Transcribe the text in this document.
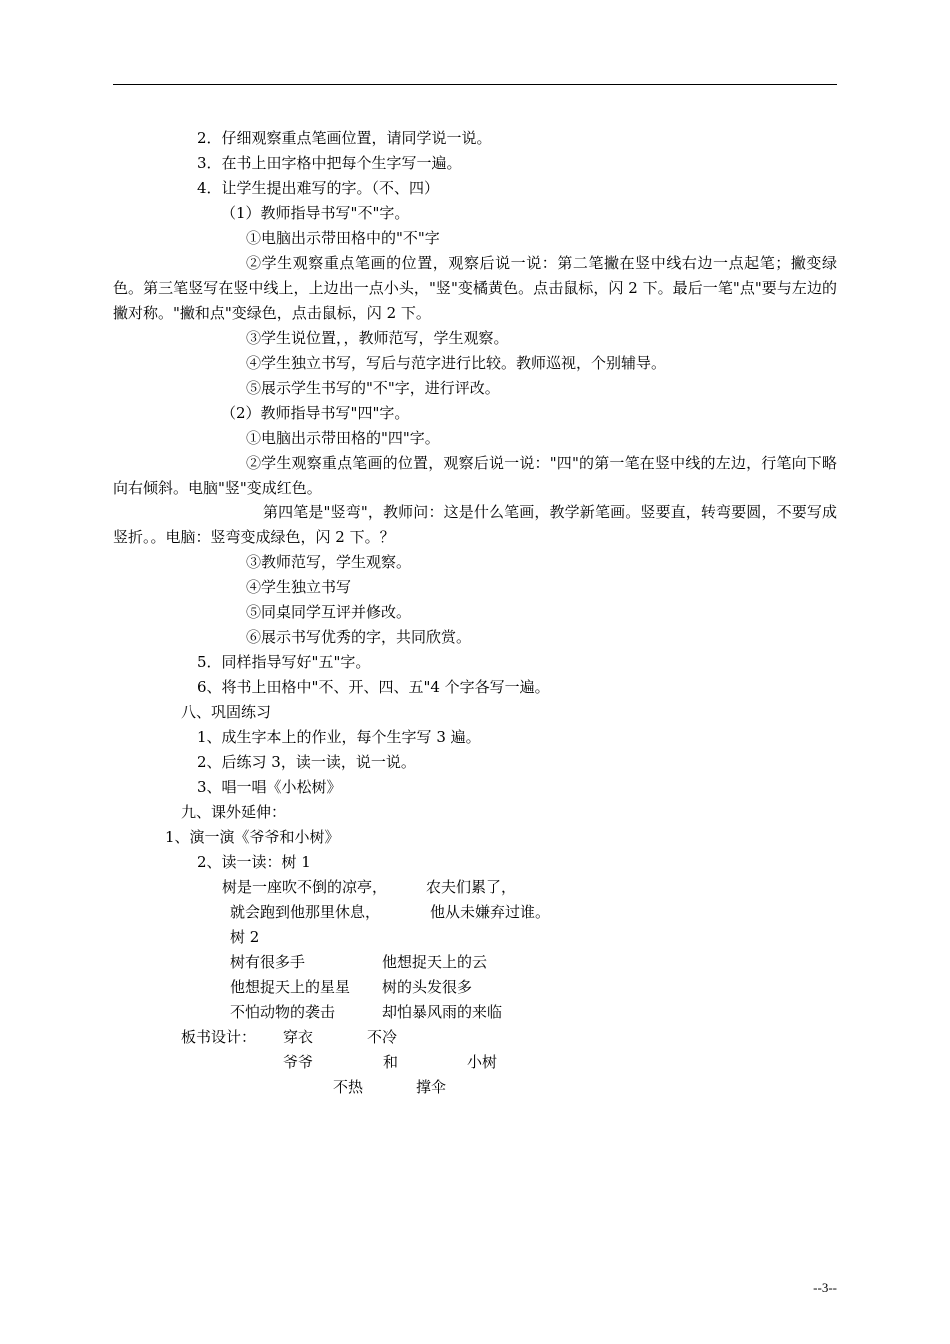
2．仔细观察重点笔画位置，请同学说一说。
3．在书上田字格中把每个生字写一遍。
4．让学生提出难写的字。（不、四）
（1）教师指导书写"不"字。
①电脑出示带田格中的"不"字
②学生观察重点笔画的位置，观察后说一说：第二笔撇在竖中线右边一点起笔；撇变绿色。第三笔竖写在竖中线上，上边出一点小头，"竖"变橘黄色。点击鼠标，闪 2 下。最后一笔"点"要与左边的撇对称。"撇和点"变绿色，点击鼠标，闪 2 下。
③学生说位置，，教师范写，学生观察。
④学生独立书写，写后与范字进行比较。教师巡视，个别辅导。
⑤展示学生书写的"不"字，进行评改。
（2）教师指导书写"四"字。
①电脑出示带田格的"四"字。
②学生观察重点笔画的位置，观察后说一说："四"的第一笔在竖中线的左边，行笔向下略向右倾斜。电脑"竖"变成红色。
第四笔是"竖弯"，教师问：这是什么笔画，教学新笔画。竖要直，转弯要圆，不要写成竖折。。电脑：竖弯变成绿色，闪 2 下。？
③教师范写，学生观察。
④学生独立书写
⑤同桌同学互评并修改。
⑥展示书写优秀的字，共同欣赏。
5．同样指导写好"五"字。
6、将书上田格中"不、开、四、五"4 个字各写一遍。
八、巩固练习
1、成生字本上的作业，每个生字写 3 遍。
2、后练习 3，读一读，说一说。
3、唱一唱《小松树》
九、课外延伸：
1、演一演《爷爷和小树》
2、读一读：树 1
树是一座吹不倒的凉亭，	农夫们累了，
就会跑到他那里休息，	他从未嫌弃过谁。
树 2
树有很多手	他想捉天上的云
他想捉天上的星星 树的头发很多
不怕动物的袭击	却怕暴风雨的来临
板书设计： 穿衣	不冷
爷爷	和	小树
不热	撑伞
--3--
